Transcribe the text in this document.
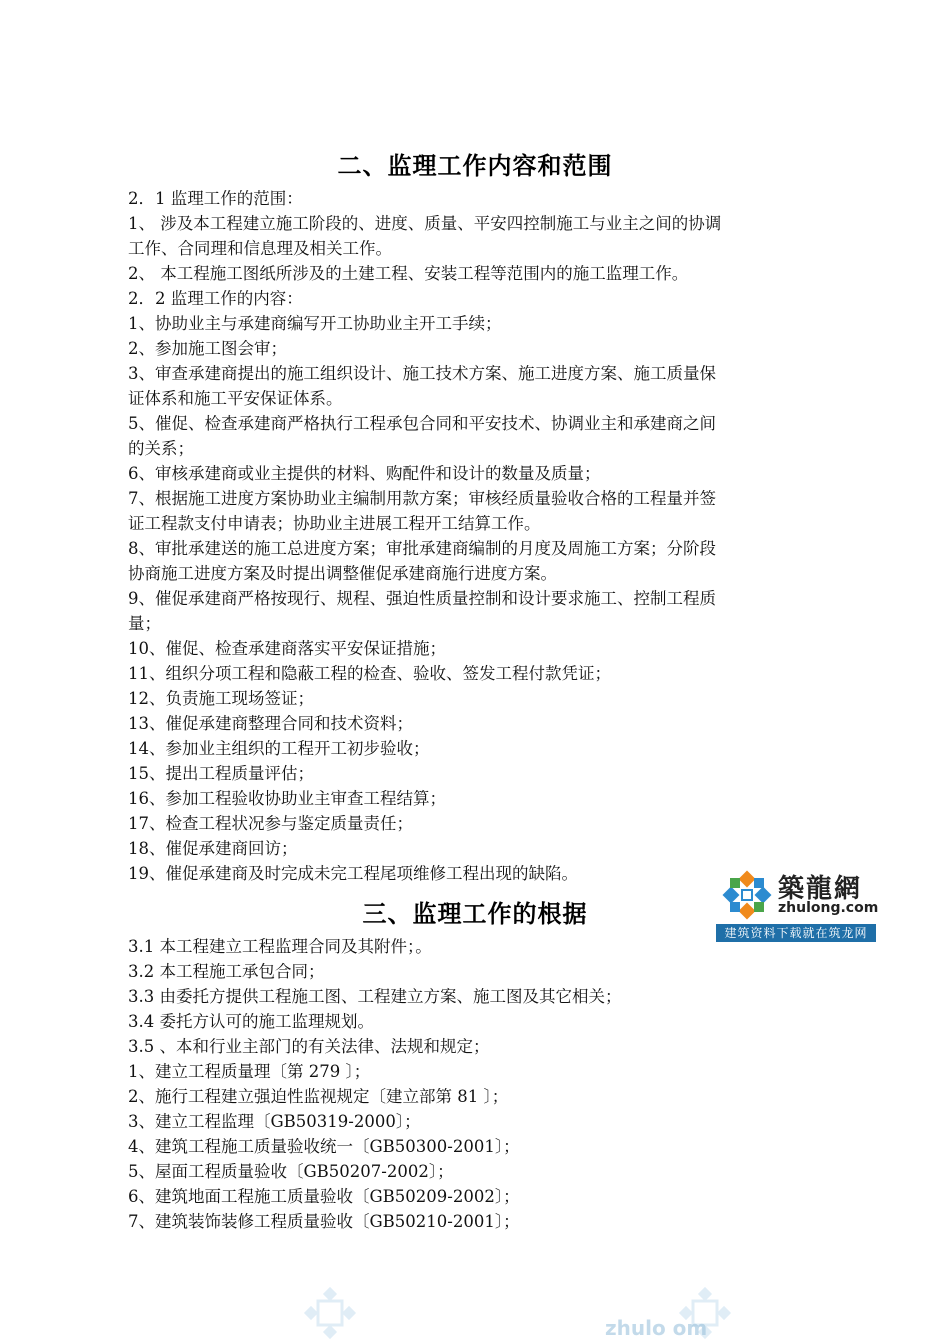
二、监理工作内容和范围
2．1 监理工作的范围：
1、 涉及本工程建立施工阶段的、进度、质量、平安四控制施工与业主之间的协调
工作、合同理和信息理及相关工作。
2、 本工程施工图纸所涉及的土建工程、安装工程等范围内的施工监理工作。
2．2 监理工作的内容：
1、协助业主与承建商编写开工协助业主开工手续；
2、参加施工图会审；
3、审查承建商提出的施工组织设计、施工技术方案、施工进度方案、施工质量保
证体系和施工平安保证体系。
5、催促、检查承建商严格执行工程承包合同和平安技术、协调业主和承建商之间
的关系；
6、审核承建商或业主提供的材料、购配件和设计的数量及质量；
7、根据施工进度方案协助业主编制用款方案；审核经质量验收合格的工程量并签
证工程款支付申请表；协助业主进展工程开工结算工作。
8、审批承建送的施工总进度方案；审批承建商编制的月度及周施工方案；分阶段
协商施工进度方案及时提出调整催促承建商施行进度方案。
9、催促承建商严格按现行、规程、强迫性质量控制和设计要求施工、控制工程质
量；
10、催促、检查承建商落实平安保证措施；
11、组织分项工程和隐蔽工程的检查、验收、签发工程付款凭证；
12、负责施工现场签证；
13、催促承建商整理合同和技术资料；
14、参加业主组织的工程开工初步验收；
15、提出工程质量评估；
16、参加工程验收协助业主审查工程结算；
17、检查工程状况参与鉴定质量责任；
18、催促承建商回访；
19、催促承建商及时完成未完工程尾项维修工程出现的缺陷。
三、监理工作的根据
3.1 本工程建立工程监理合同及其附件；。
3.2 本工程施工承包合同；
3.3 由委托方提供工程施工图、工程建立方案、施工图及其它相关；
3.4 委托方认可的施工监理规划。
3.5 、本和行业主部门的有关法律、法规和规定；
1、建立工程质量理〔第 279 〕；
2、施行工程建立强迫性监视规定〔建立部第 81 〕；
3、建立工程监理〔GB50319-2000〕；
4、建筑工程施工质量验收统一〔GB50300-2001〕；
5、屋面工程质量验收〔GB50207-2002〕；
6、建筑地面工程施工质量验收〔GB50209-2002〕；
7、建筑装饰装修工程质量验收〔GB50210-2001〕；
築龍網
zhulong.com
建筑资料下载就在筑龙网
zhulo om
